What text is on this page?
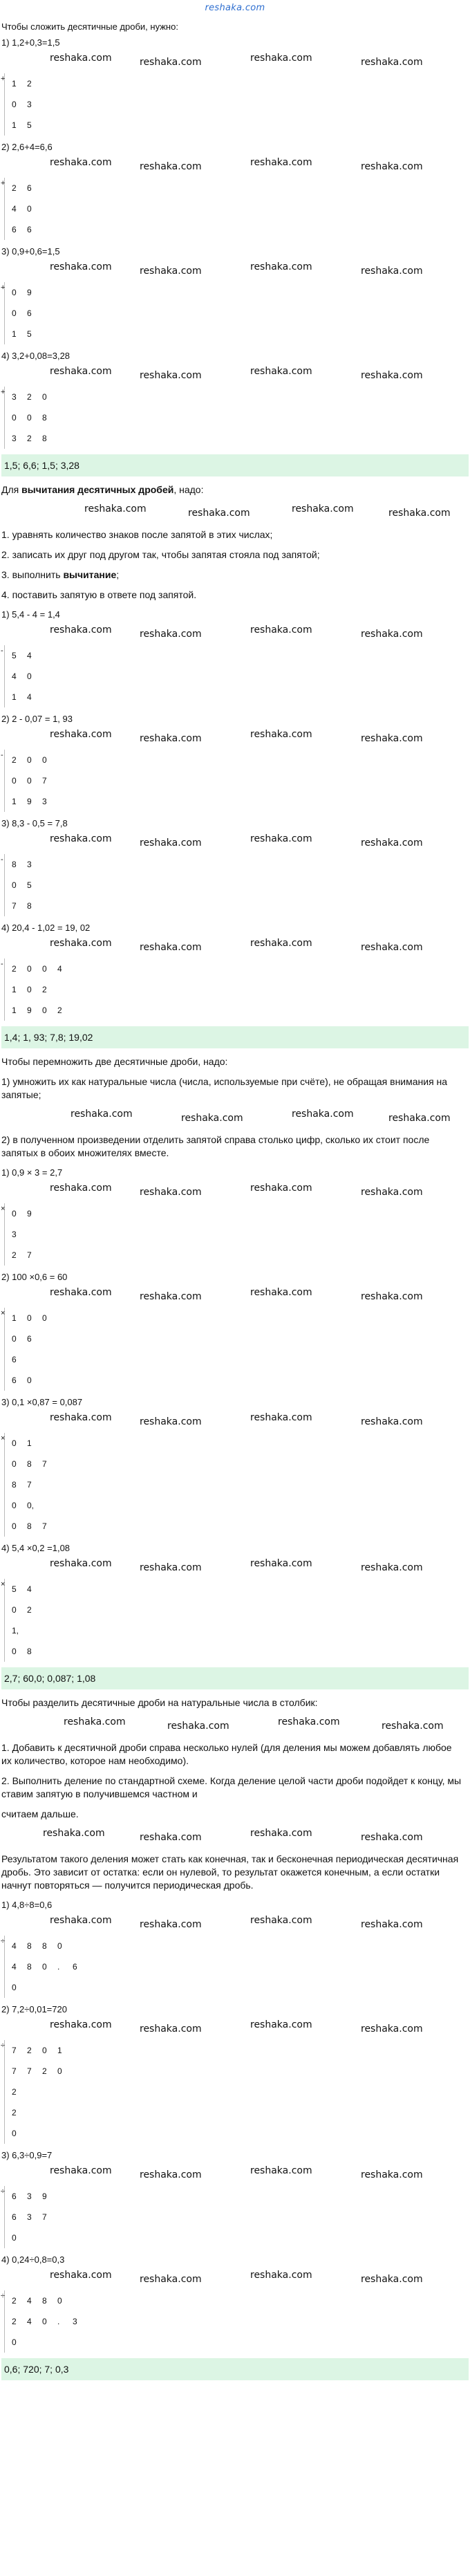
reshaka.com
Чтобы сложить десятичные дроби, нужно:
1) 1,2+0,3=1,5
reshaka.com	reshaka.com	reshaka.com	reshaka.com
+ 1 2
0 3
1 5
2) 2,6+4=6,6
reshaka.com	reshaka.com	reshaka.com	reshaka.com
+ 2 6
4 0
6 6
3) 0,9+0,6=1,5
reshaka.com	reshaka.com	reshaka.com	reshaka.com
+ 0 9
0 6
1 5
4) 3,2+0,08=3,28
reshaka.com	reshaka.com	reshaka.com	reshaka.com
+ 3 2 0
0 0 8
3 2 8
1,5; 6,6; 1,5; 3,28
Для вычитания десятичных дробей, надо:
reshaka.com	reshaka.com	reshaka.com	reshaka.com
1. уравнять количество знаков после запятой в этих числах;
2. записать их друг под другом так, чтобы запятая стояла под запятой;
3. выполнить вычитание;
4. поставить запятую в ответе под запятой.
1) 5,4 - 4 = 1,4
reshaka.com	reshaka.com	reshaka.com	reshaka.com
- 5 4
4 0
1 4
2) 2 - 0,07 = 1, 93
reshaka.com	reshaka.com	reshaka.com	reshaka.com
- 2 0 0
0 0 7
1 9 3
3) 8,3 - 0,5 = 7,8
reshaka.com	reshaka.com	reshaka.com	reshaka.com
- 8 3
0 5
7 8
4) 20,4 - 1,02 = 19, 02
reshaka.com	reshaka.com	reshaka.com	reshaka.com
- 2 0 0 4
1 0 2
1 9 0 2
1,4; 1, 93; 7,8; 19,02
Чтобы перемножить две десятичные дроби, надо:
1) умножить их как натуральные числа (числа, используемые при счёте), не обращая внимания на запятые;
reshaka.com	reshaka.com	reshaka.com	reshaka.com
2) в полученном произведении отделить запятой справа столько цифр, сколько их стоит после запятых в обоих множителях вместе.
1) 0,9 × 3 = 2,7
reshaka.com	reshaka.com	reshaka.com	reshaka.com
× 0 9
3
2 7
2) 100 ×0,6 = 60
reshaka.com	reshaka.com	reshaka.com	reshaka.com
× 1 0 0
0 6
6
6 0
3) 0,1 ×0,87 = 0,087
reshaka.com	reshaka.com	reshaka.com	reshaka.com
× 0 1
0 8 7
8 7
0 0,
0 8 7
4) 5,4 ×0,2 =1,08
reshaka.com	reshaka.com	reshaka.com	reshaka.com
× 5 4
0 2
1,
0 8
2,7; 60,0; 0,087; 1,08
Чтобы разделить десятичные дроби на натуральные числа в столбик:
reshaka.com	reshaka.com	reshaka.com	reshaka.com
1. Добавить к десятичной дроби справа несколько нулей (для деления мы можем добавлять любое их количество, которое нам необходимо).
2. Выполнить деление по стандартной схеме. Когда деление целой части дроби подойдет к концу, мы ставим запятую в получившемся частном и
считаем дальше.
reshaka.com	reshaka.com	reshaka.com	reshaka.com
Результатом такого деления может стать как конечная, так и бесконечная периодическая десятичная дробь. Это зависит от остатка: если он нулевой, то результат окажется конечным, а если остатки начнут повторяться — получится периодическая дробь.
1) 4,8÷8=0,6
reshaka.com	reshaka.com	reshaka.com	reshaka.com
÷ 4 8 8 0
4 8 0 . 6
0
2) 7,2÷0,01=720
reshaka.com	reshaka.com	reshaka.com	reshaka.com
÷ 7 2 0 1
7 7 2 0
2
2
0
3) 6,3÷0,9=7
reshaka.com	reshaka.com	reshaka.com	reshaka.com
÷ 6 3 9
6 3 7
0
4) 0,24÷0,8=0,3
reshaka.com	reshaka.com	reshaka.com	reshaka.com
÷ 2 4 8 0
2 4 0 . 3
0
0,6; 720; 7; 0,3
